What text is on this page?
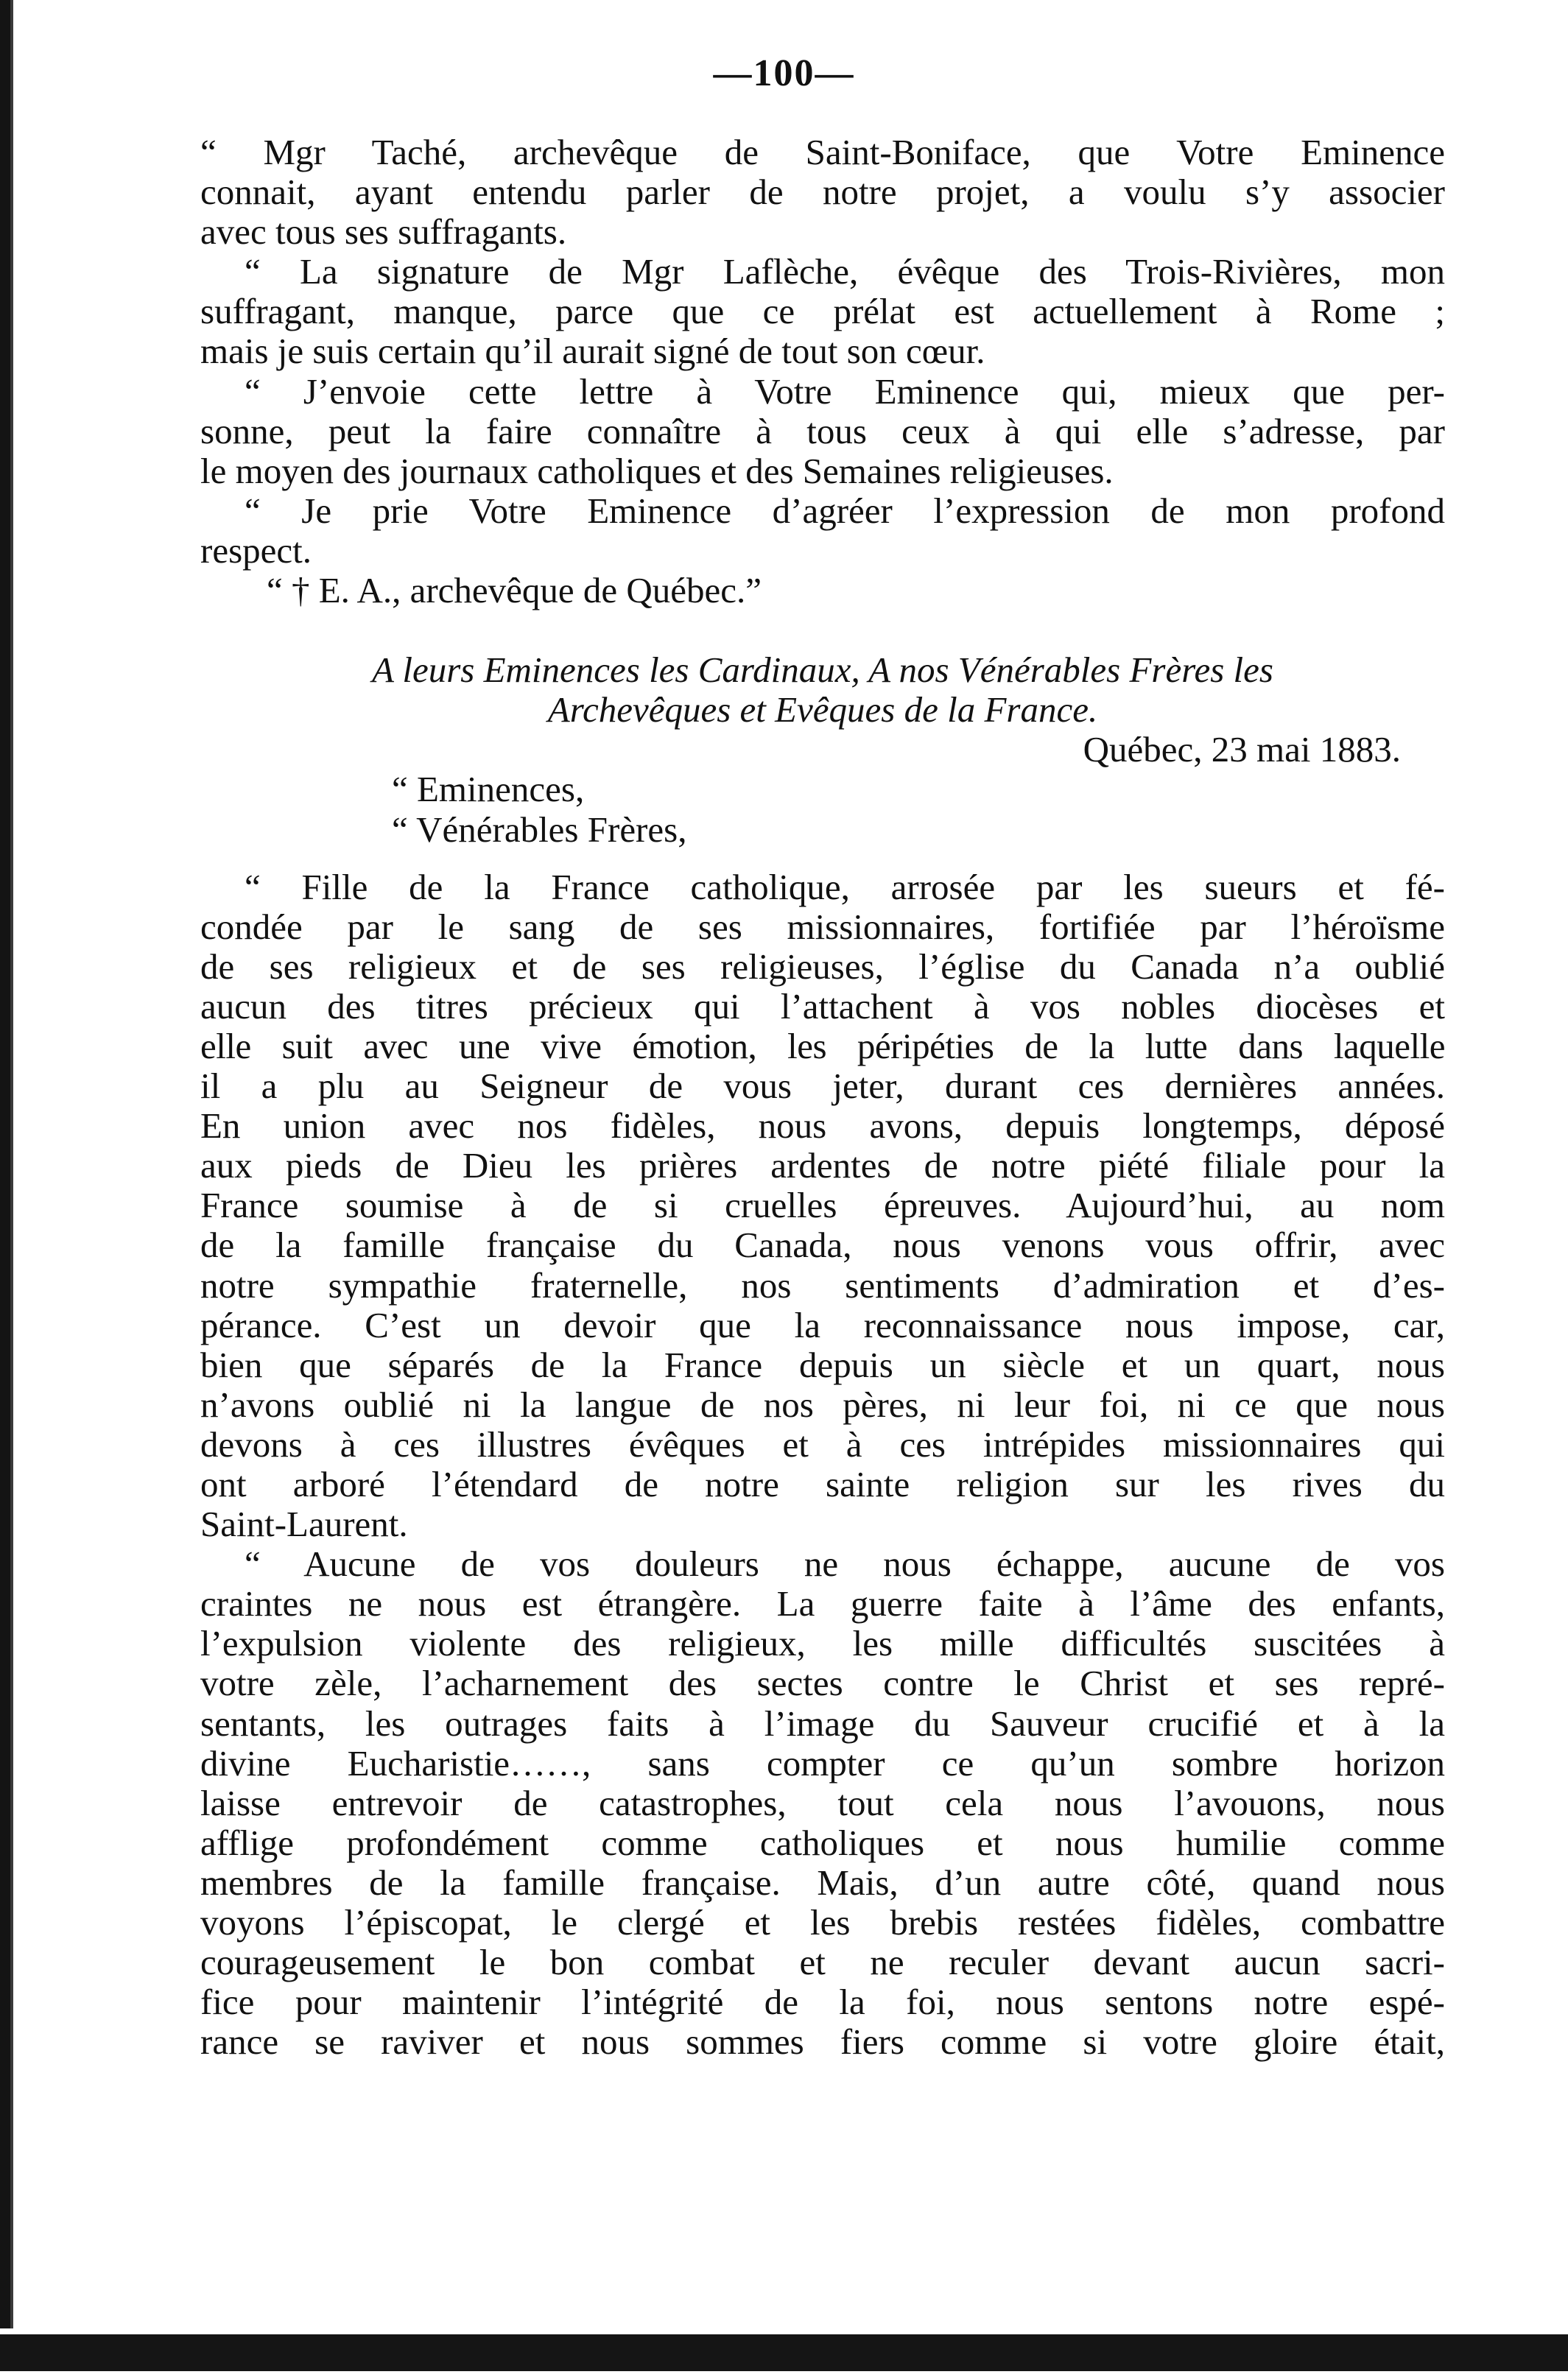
—100—
“ Mgr Taché, archevêque de Saint-Boniface, que Votre Eminence
connait, ayant entendu parler de notre projet, a voulu s’y associer
avec tous ses suffragants.
“ La signature de Mgr Laflèche, évêque des Trois-Rivières, mon
suffragant, manque, parce que ce prélat est actuellement à Rome ;
mais je suis certain qu’il aurait signé de tout son cœur.
“ J’envoie cette lettre à Votre Eminence qui, mieux que per-
sonne, peut la faire connaître à tous ceux à qui elle s’adresse, par
le moyen des journaux catholiques et des Semaines religieuses.
“ Je prie Votre Eminence d’agréer l’expression de mon profond
respect.
“ † E. A., archevêque de Québec.”
A leurs Eminences les Cardinaux, A nos Vénérables Frères les
Archevêques et Evêques de la France.
Québec, 23 mai 1883.
“ Eminences,
“ Vénérables Frères,
“ Fille de la France catholique, arrosée par les sueurs et fé-
condée par le sang de ses missionnaires, fortifiée par l’héroïsme
de ses religieux et de ses religieuses, l’église du Canada n’a oublié
aucun des titres précieux qui l’attachent à vos nobles diocèses et
elle suit avec une vive émotion, les péripéties de la lutte dans laquelle
il a plu au Seigneur de vous jeter, durant ces dernières années.
En union avec nos fidèles, nous avons, depuis longtemps, déposé
aux pieds de Dieu les prières ardentes de notre piété filiale pour la
France soumise à de si cruelles épreuves. Aujourd’hui, au nom
de la famille française du Canada, nous venons vous offrir, avec
notre sympathie fraternelle, nos sentiments d’admiration et d’es-
pérance. C’est un devoir que la reconnaissance nous impose, car,
bien que séparés de la France depuis un siècle et un quart, nous
n’avons oublié ni la langue de nos pères, ni leur foi, ni ce que nous
devons à ces illustres évêques et à ces intrépides missionnaires qui
ont arboré l’étendard de notre sainte religion sur les rives du
Saint-Laurent.
“ Aucune de vos douleurs ne nous échappe, aucune de vos
craintes ne nous est étrangère. La guerre faite à l’âme des enfants,
l’expulsion violente des religieux, les mille difficultés suscitées à
votre zèle, l’acharnement des sectes contre le Christ et ses repré-
sentants, les outrages faits à l’image du Sauveur crucifié et à la
divine Eucharistie……, sans compter ce qu’un sombre horizon
laisse entrevoir de catastrophes, tout cela nous l’avouons, nous
afflige profondément comme catholiques et nous humilie comme
membres de la famille française. Mais, d’un autre côté, quand nous
voyons l’épiscopat, le clergé et les brebis restées fidèles, combattre
courageusement le bon combat et ne reculer devant aucun sacri-
fice pour maintenir l’intégrité de la foi, nous sentons notre espé-
rance se raviver et nous sommes fiers comme si votre gloire était,
